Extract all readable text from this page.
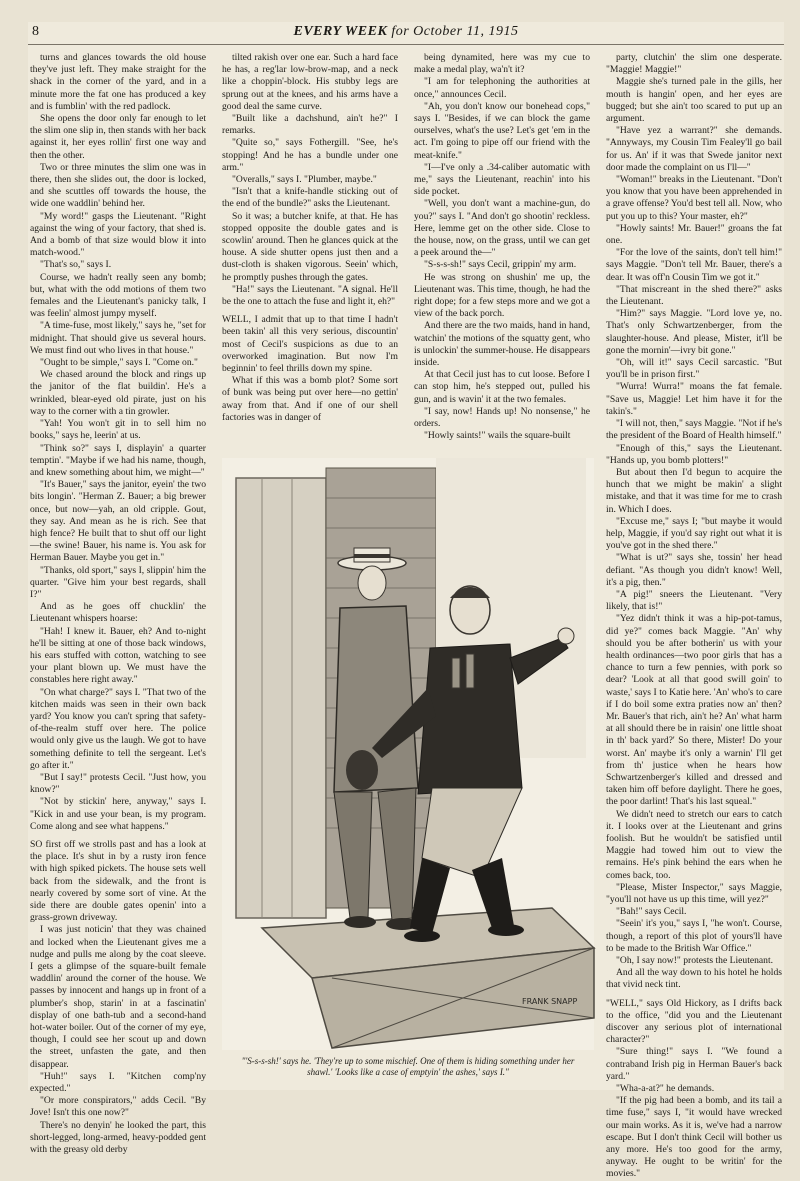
8	EVERY WEEK for October 11, 1915

turns and glances towards the old house they've just left. They make straight for the shack in the corner of the yard, and in a minute more the fat one has produced a key and is fumblin' with the red padlock.

She opens the door only far enough to let the slim one slip in, then stands with her back against it, her eyes rollin' first one way and then the other.

Two or three minutes the slim one was in there, then she slides out, the door is locked, and she scuttles off towards the house, the wide one waddlin' behind her.

"My word!" gasps the Lieutenant. "Right against the wing of your factory, that shed is. And a bomb of that size would blow it into match-wood."

"That's so," says I.

Course, we hadn't really seen any bomb; but, what with the odd motions of them two females and the Lieutenant's panicky talk, I was feelin' almost jumpy myself.

"A time-fuse, most likely," says he, "set for midnight. That should give us several hours. We must find out who lives in that house."

"Ought to be simple," says I. "Come on."

We chased around the block and rings up the janitor of the flat buildin'. He's a wrinkled, blear-eyed old pirate, just on his way to the corner with a tin growler.

"Yah! You won't git in to sell him no books," says he, leerin' at us.

"Think so?" says I, displayin' a quarter temptin'. "Maybe if we had his name, though, and knew something about him, we might—"

"It's Bauer," says the janitor, eyein' the two bits longin'. "Herman Z. Bauer; a big brewer once, but now—yah, an old cripple. Gout, they say. And mean as he is rich. See that high fence? He built that to shut off our light—the swine! Bauer, his name is. You ask for Herman Bauer. Maybe you get in."

"Thanks, old sport," says I, slippin' him the quarter. "Give him your best regards, shall I?"

And as he goes off chucklin' the Lieutenant whispers hoarse:

"Hah! I knew it. Bauer, eh? And to-night he'll be sitting at one of those back windows, his ears stuffed with cotton, watching to see your plant blown up. We must have the constables here right away."

"On what charge?" says I. "That two of the kitchen maids was seen in their own back yard? You know you can't spring that safety-of-the-realm stuff over here. The police would only give us the laugh. We got to have something definite to tell the sergeant. Let's go after it."

"But I say!" protests Cecil. "Just how, you know?"

"Not by stickin' here, anyway," says I. "Kick in and use your bean, is my program. Come along and see what happens."

SO first off we strolls past and has a look at the place. It's shut in by a rusty iron fence with high spiked pickets. The house sets well back from the sidewalk, and the front is nearly covered by some sort of vine. At the side there are double gates openin' into a grass-grown driveway.

I was just noticin' that they was chained and locked when the Lieutenant gives me a nudge and pulls me along by the coat sleeve. I gets a glimpse of the square-built female waddlin' around the corner of the house. We passes by innocent and hangs up in front of a plumber's shop, starin' in at a fascinatin' display of one bath-tub and a second-hand hot-water boiler. Out of the corner of my eye, though, I could see her scout up and down the street, unfasten the gate, and then disappear.

"Huh!" says I. "Kitchen comp'ny expected."

"Or more conspirators," adds Cecil. "By Jove! Isn't this one now?"

There's no denyin' he looked the part, this short-legged, long-armed, heavy-podded gent with the greasy old derby

tilted rakish over one ear. Such a hard face he has, a reg'lar low-brow-map, and a neck like a choppin'-block. His stubby legs are sprung out at the knees, and his arms have a good deal the same curve.

"Built like a dachshund, ain't he?" I remarks.

"Quite so," says Fothergill. "See, he's stopping! And he has a bundle under one arm."

"Overalls," says I. "Plumber, maybe."

"Isn't that a knife-handle sticking out of the end of the bundle?" asks the Lieutenant.

So it was; a butcher knife, at that. He has stopped opposite the double gates and is scowlin' around. Then he glances quick at the house. A side shutter opens just then and a dust-cloth is shaken vigorous. Seein' which, he promptly pushes through the gates.

"Ha!" says the Lieutenant. "A signal. He'll be the one to attach the fuse and light it, eh?"

WELL, I admit that up to that time I hadn't been takin' all this very serious, discountin' most of Cecil's suspicions as due to an overworked imagination. But now I'm beginnin' to feel thrills down my spine.

What if this was a bomb plot? Some sort of bunk was being put over here—no gettin' away from that. And if one of our shell factories was in danger of

being dynamited, here was my cue to make a medal play, wa'n't it?

"I am for telephoning the authorities at once," announces Cecil.

"Ah, you don't know our bonehead cops," says I. "Besides, if we can block the game ourselves, what's the use? Let's get 'em in the act. I'm going to pipe off our friend with the meat-knife."

"I—I've only a .34-caliber automatic with me," says the Lieutenant, reachin' into his side pocket.

"Well, you don't want a machine-gun, do you?" says I. "And don't go shootin' reckless. Here, lemme get on the other side. Close to the house, now, on the grass, until we can get a peek around the—"

"S-s-s-sh!" says Cecil, grippin' my arm.

He was strong on shushin' me up, the Lieutenant was. This time, though, he had the right dope; for a few steps more and we got a view of the back porch.

And there are the two maids, hand in hand, watchin' the motions of the squatty gent, who is unlockin' the summer-house. He disappears inside.

At that Cecil just has to cut loose. Before I can stop him, he's stepped out, pulled his gun, and is wavin' it at the two females.

"I say, now! Hands up! No nonsense," he orders.

"Howly saints!" wails the square-built

party, clutchin' the slim one desperate. "Maggie! Maggie!"

Maggie she's turned pale in the gills, her mouth is hangin' open, and her eyes are bugged; but she ain't too scared to put up an argument.

"Have yez a warrant?" she demands. "Annyways, my Cousin Tim Fealey'll go bail for us. An' if it was that Swede janitor next door made the complaint on us I'll—"

"Woman!" breaks in the Lieutenant. "Don't you know that you have been apprehended in a grave offense? You'd best tell all. Now, who put you up to this? Your master, eh?"

"Howly saints! Mr. Bauer!" groans the fat one.

"For the love of the saints, don't tell him!" says Maggie. "Don't tell Mr. Bauer, there's a dear. It was off'n Cousin Tim we got it."

"That miscreant in the shed there?" asks the Lieutenant.

"Him?" says Maggie. "Lord love ye, no. That's only Schwartzenberger, from the slaughter-house. And please, Mister, it'll be gone the mornin'—ivry bit gone."

"Oh, will it!" says Cecil sarcastic. "But you'll be in prison first."

"Wurra! Wurra!" moans the fat female. "Save us, Maggie! Let him have it for the takin's."

"I will not, then," says Maggie. "Not if he's the president of the Board of Health himself."

"Enough of this," says the Lieutenant. "Hands up, you bomb plotters!"

But about then I'd begun to acquire the hunch that we might be makin' a slight mistake, and that it was time for me to crash in. Which I does.

"Excuse me," says I; "but maybe it would help, Maggie, if you'd say right out what it is you've got in the shed there."

"What is ut?" says she, tossin' her head defiant. "As though you didn't know! Well, it's a pig, then."

"A pig!" sneers the Lieutenant. "Very likely, that is!"

"Yez didn't think it was a hip-pot-tamus, did ye?" comes back Maggie. "An' why should you be after botherin' us with your health ordinances—two poor girls that has a chance to turn a few pennies, with pork so dear? 'Look at all that good swill goin' to waste,' says I to Katie here. 'An' who's to care if I do boil some extra praties now an' then? Mr. Bauer's that rich, ain't he? An' what harm at all should there be in raisin' one little shoat in th' back yard?' So there, Mister! Do your worst. An' maybe it's only a warnin' I'll get from th' justice when he hears how Schwartzenberger's killed and dressed and taken him off before daylight. There he goes, the poor darlint! That's his last squeal."

We didn't need to stretch our ears to catch it. I looks over at the Lieutenant and grins foolish. But he wouldn't be satisfied until Maggie had towed him out to view the remains. He's pink behind the ears when he comes back, too.

"Please, Mister Inspector," says Maggie, "you'll not have us up this time, will yez?"

"Bah!" says Cecil.

"Seein' it's you," says I, "he won't. Course, though, a report of this plot of yours'll have to be made to the British War Office."

"Oh, I say now!" protests the Lieutenant.

And all the way down to his hotel he holds that vivid neck tint.

"WELL," says Old Hickory, as I drifts back to the office, "did you and the Lieutenant discover any serious plot of international character?"

"Sure thing!" says I. "We found a contraband Irish pig in Herman Bauer's back yard."

"Wha-a-at?" he demands.

"If the pig had been a bomb, and its tail a time fuse," says I, "it would have wrecked our main works. As it is, we've had a narrow escape. But I don't think Cecil will bother us any more. He's too good for the army, anyway. He ought to be writin' for the movies."

FRANK SNAPP
"'S-s-s-sh!' says he. 'They're up to some mischief. One of them is hiding something under her shawl.' 'Looks like a case of emptyin' the ashes,' says I."
